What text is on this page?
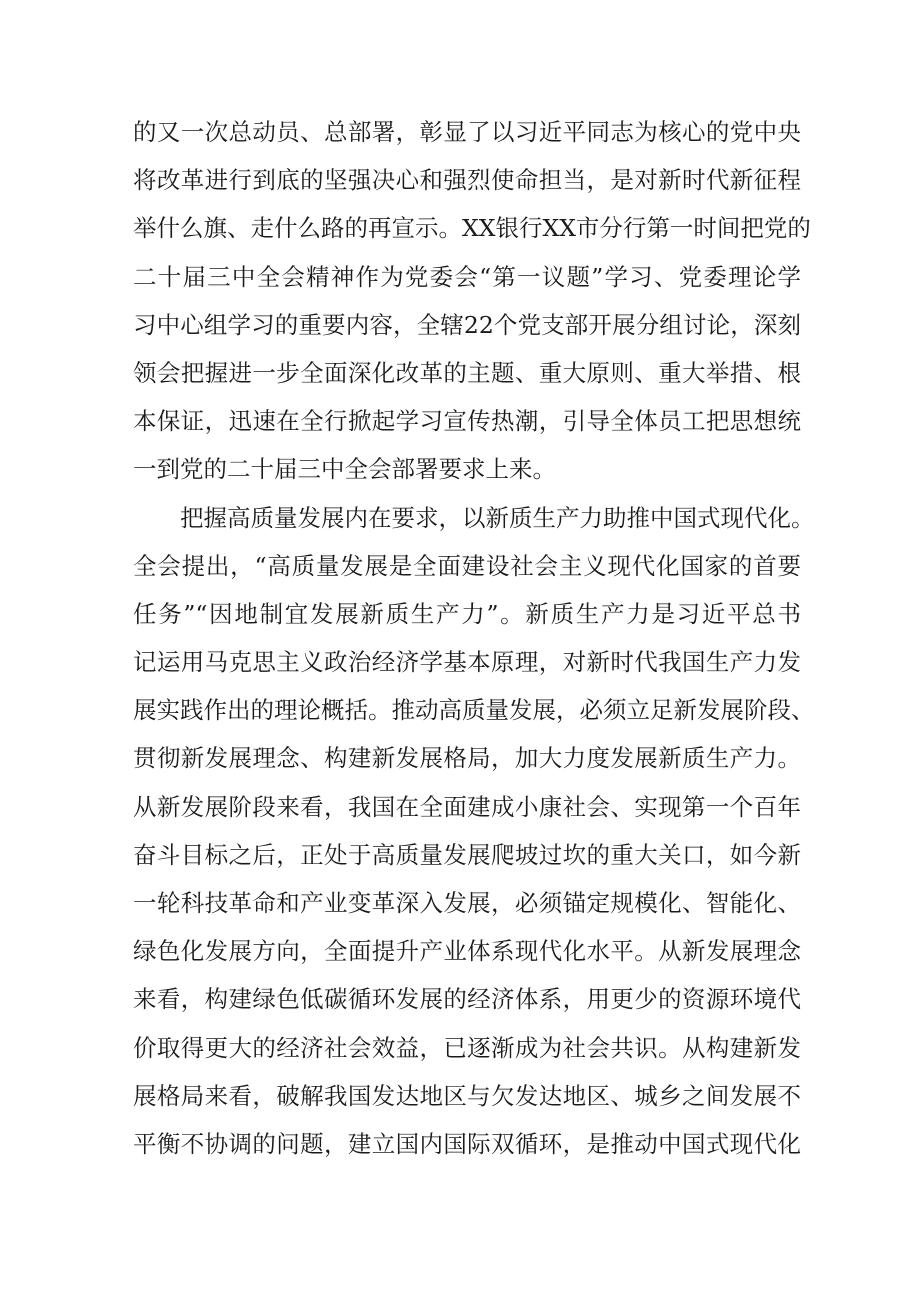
的又一次总动员、总部署，彰显了以习近平同志为核心的党中央
将改革进行到底的坚强决心和强烈使命担当，是对新时代新征程
举什么旗、走什么路的再宣示。XX银行XX市分行第一时间把党的
二十届三中全会精神作为党委会“第一议题”学习、党委理论学
习中心组学习的重要内容，全辖22个党支部开展分组讨论，深刻
领会把握进一步全面深化改革的主题、重大原则、重大举措、根
本保证，迅速在全行掀起学习宣传热潮，引导全体员工把思想统
一到党的二十届三中全会部署要求上来。
把握高质量发展内在要求，以新质生产力助推中国式现代化。
全会提出，“高质量发展是全面建设社会主义现代化国家的首要
任务”“因地制宜发展新质生产力”。新质生产力是习近平总书
记运用马克思主义政治经济学基本原理，对新时代我国生产力发
展实践作出的理论概括。推动高质量发展，必须立足新发展阶段、
贯彻新发展理念、构建新发展格局，加大力度发展新质生产力。
从新发展阶段来看，我国在全面建成小康社会、实现第一个百年
奋斗目标之后，正处于高质量发展爬坡过坎的重大关口，如今新
一轮科技革命和产业变革深入发展，必须锚定规模化、智能化、
绿色化发展方向，全面提升产业体系现代化水平。从新发展理念
来看，构建绿色低碳循环发展的经济体系，用更少的资源环境代
价取得更大的经济社会效益，已逐渐成为社会共识。从构建新发
展格局来看，破解我国发达地区与欠发达地区、城乡之间发展不
平衡不协调的问题，建立国内国际双循环，是推动中国式现代化
